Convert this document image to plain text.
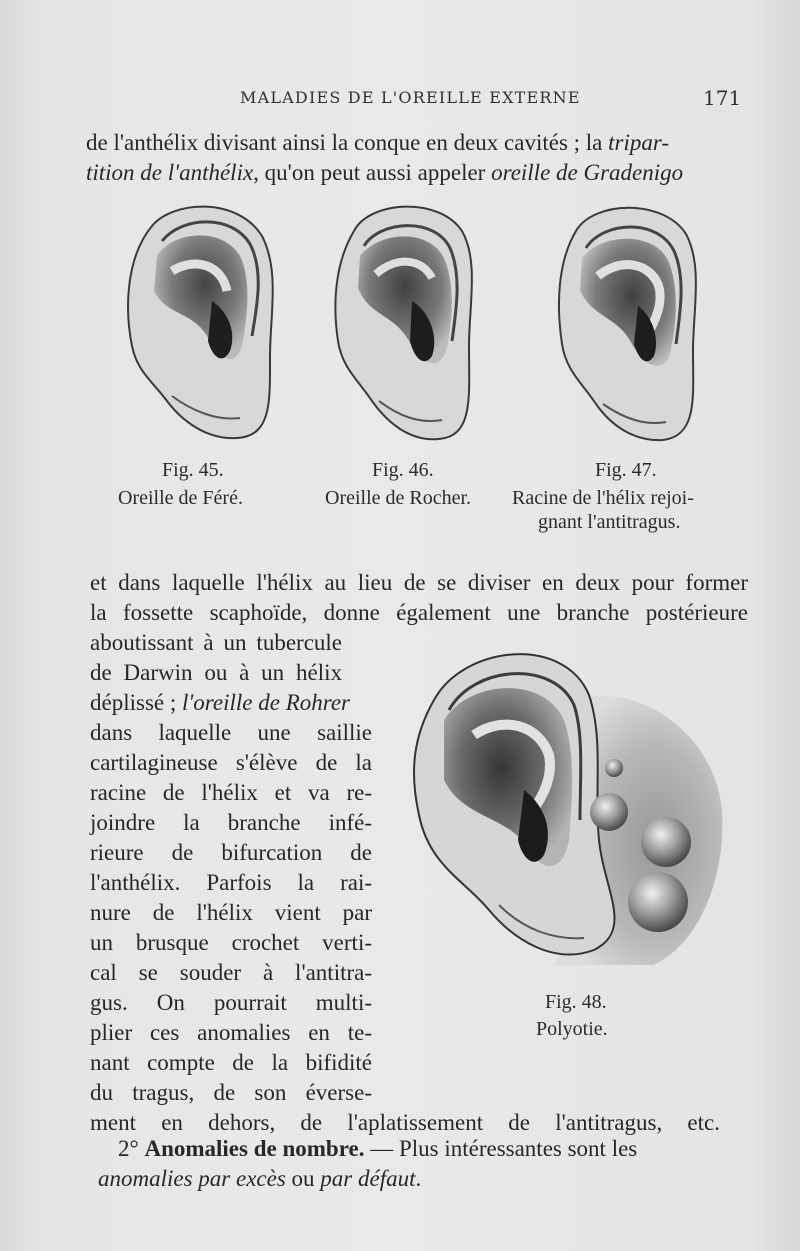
MALADIES DE L'OREILLE EXTERNE	171
de l'anthélix divisant ainsi la conque en deux cavités ; la tripar-
tition de l'anthélix, qu'on peut aussi appeler oreille de Gradenigo
Fig. 45.
Oreille de Féré.
Fig. 46.
Oreille de Rocher.
Fig. 47.
Racine de l'hélix rejoi-
gnant l'antitragus.
et dans laquelle l'hélix au lieu de se diviser en deux pour former
la fossette scaphoïde, donne également une branche postérieure
aboutissant à un tubercule
de Darwin ou à un hélix
déplissé ; l'oreille de Rohrer
dans laquelle une saillie
cartilagineuse s'élève de la
racine de l'hélix et va re-
joindre la branche infé-
rieure de bifurcation de
l'anthélix. Parfois la rai-
nure de l'hélix vient par
un brusque crochet verti-
cal se souder à l'antitra-
gus. On pourrait multi-
plier ces anomalies en te-
nant compte de la bifidité
du tragus, de son éverse-
ment en dehors, de l'aplatissement de l'antitragus, etc.
Fig. 48.
Polyotie.
2° Anomalies de nombre. — Plus intéressantes sont les
anomalies par excès ou par défaut.
